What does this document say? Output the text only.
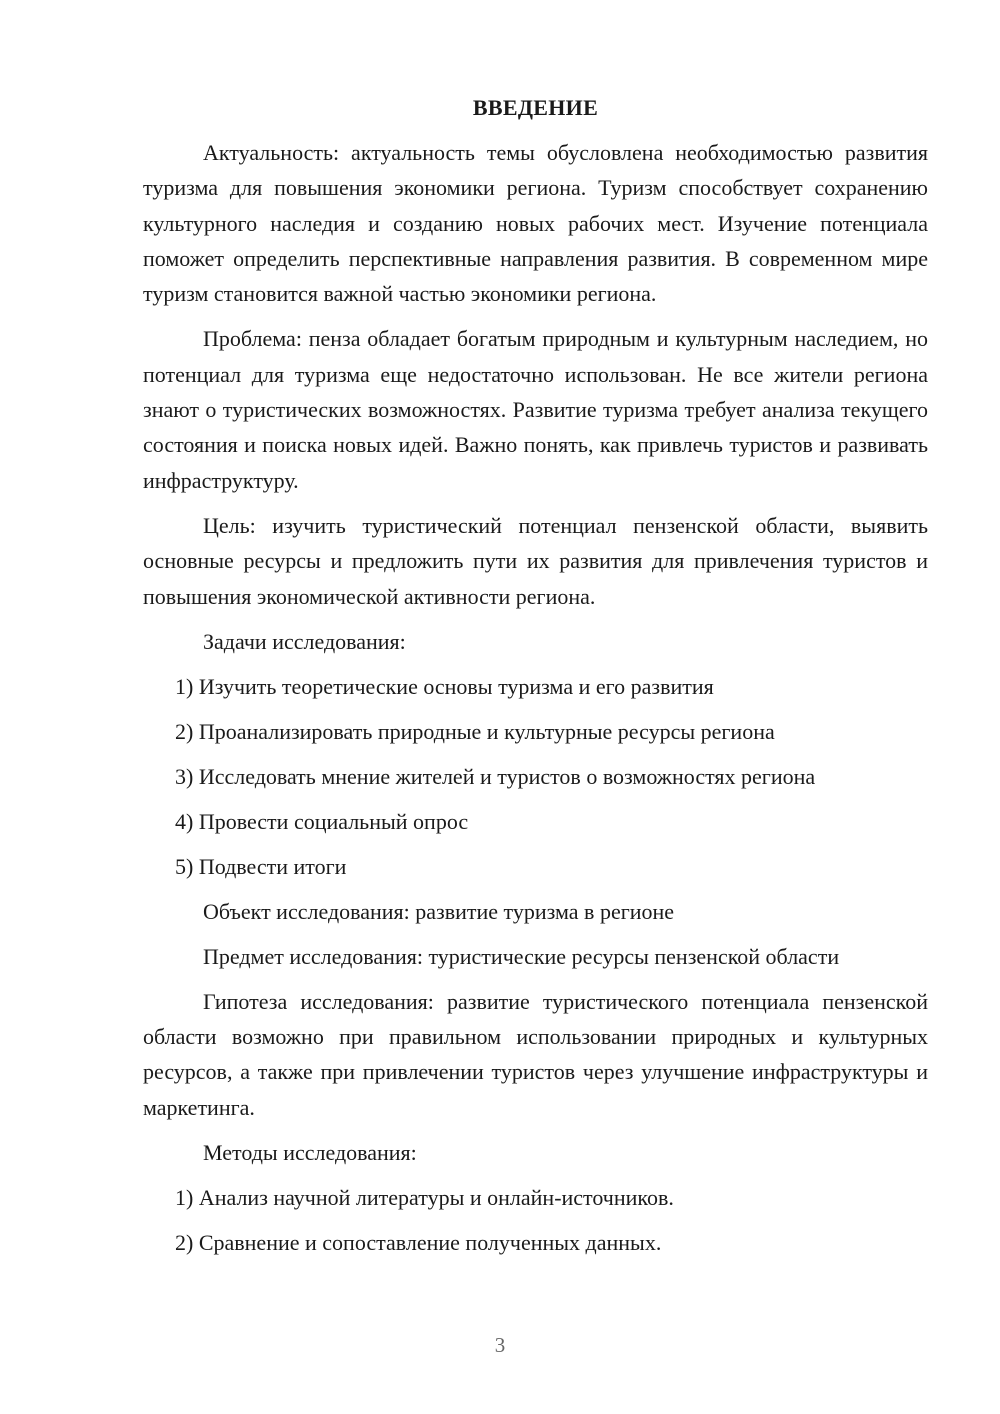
ВВЕДЕНИЕ

Актуальность: актуальность темы обусловлена необходимостью развития туризма для повышения экономики региона. Туризм способствует сохранению культурного наследия и созданию новых рабочих мест. Изучение потенциала поможет определить перспективные направления развития. В современном мире туризм становится важной частью экономики региона.

Проблема: пенза обладает богатым природным и культурным наследием, но потенциал для туризма еще недостаточно использован. Не все жители региона знают о туристических возможностях. Развитие туризма требует анализа текущего состояния и поиска новых идей. Важно понять, как привлечь туристов и развивать инфраструктуру.

Цель: изучить туристический потенциал пензенской области, выявить основные ресурсы и предложить пути их развития для привлечения туристов и повышения экономической активности региона.

Задачи исследования:
1) Изучить теоретические основы туризма и его развития
2) Проанализировать природные и культурные ресурсы региона
3) Исследовать мнение жителей и туристов о возможностях региона
4) Провести социальный опрос
5) Подвести итоги
Объект исследования: развитие туризма в регионе
Предмет исследования: туристические ресурсы пензенской области

Гипотеза исследования: развитие туристического потенциала пензенской области возможно при правильном использовании природных и культурных ресурсов, а также при привлечении туристов через улучшение инфраструктуры и маркетинга.

Методы исследования:
1) Анализ научной литературы и онлайн-источников.
2) Сравнение и сопоставление полученных данных.
3
